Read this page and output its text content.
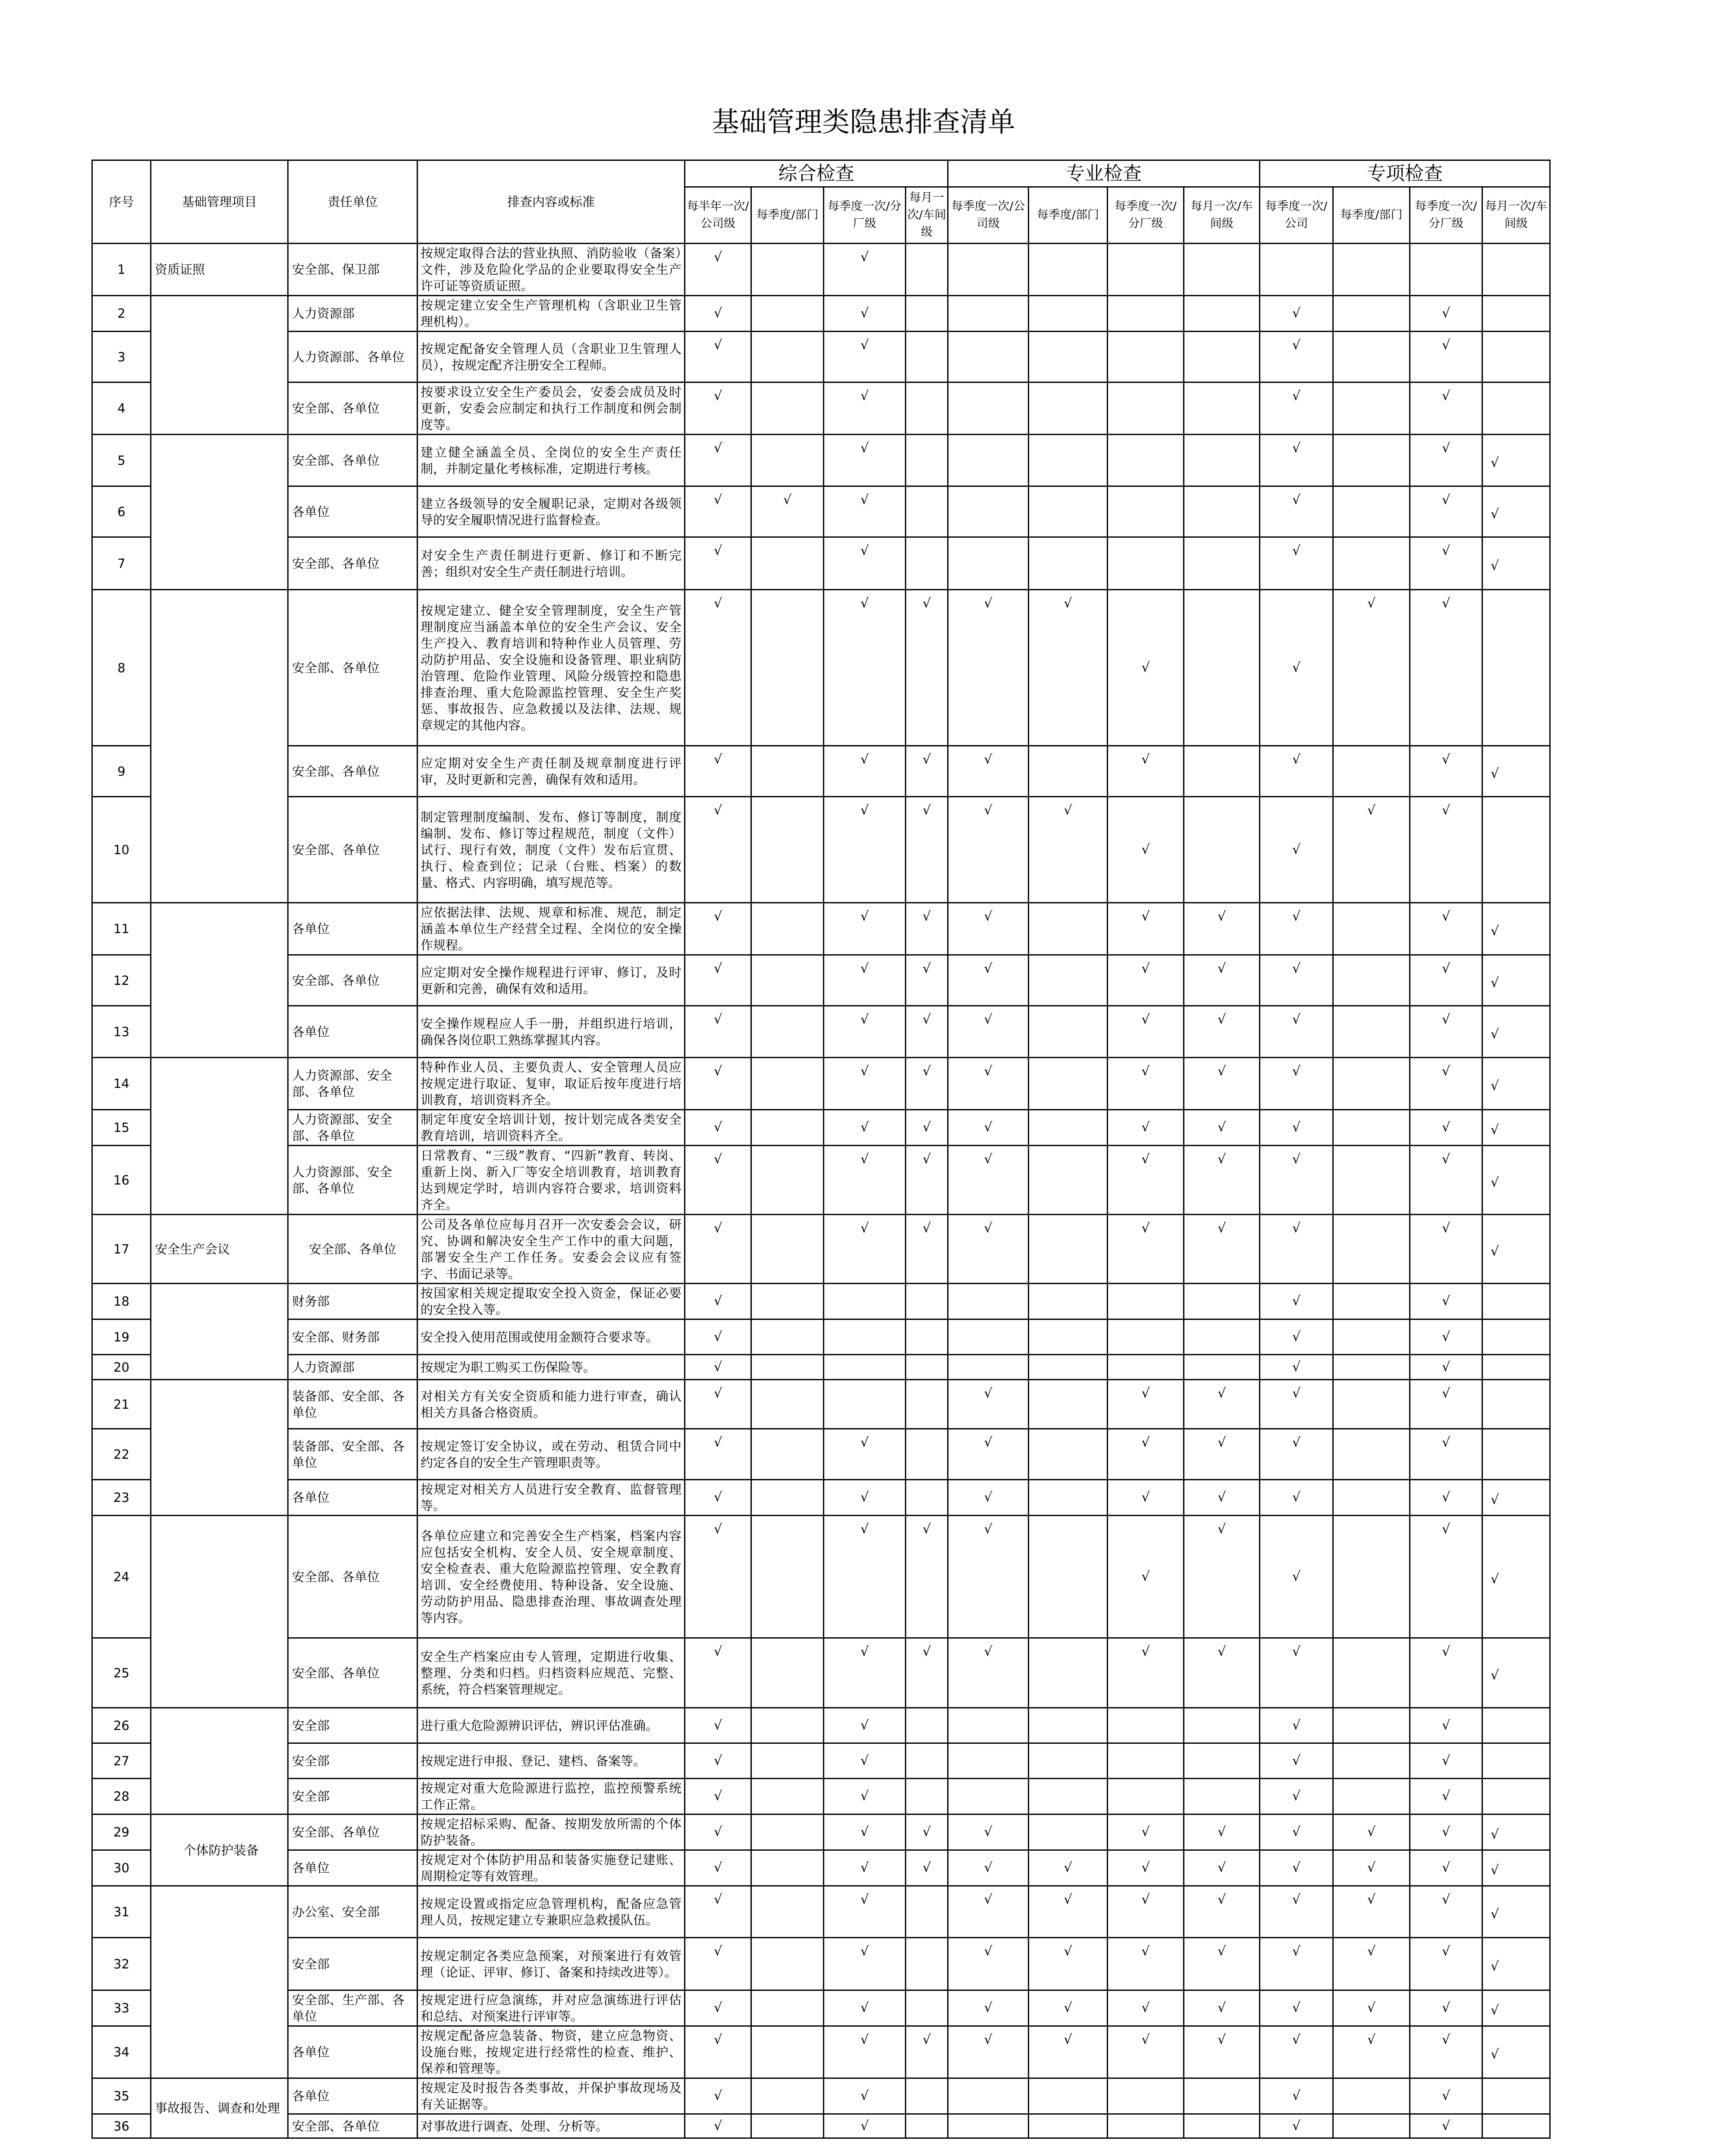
基础管理类隐患排查清单
序号	基础管理项目	责任单位	排查内容或标准	综合检查				专业检查				专项检查			
				每半年一次/公司级	每季度/部门	每季度一次/分厂级	每月一次/车间级	每季度一次/公司级	每季度/部门	每季度一次/分厂级	每月一次/车间级	每季度一次/公司	每季度/部门	每季度一次/分厂级	每月一次/车间级
1	资质证照	安全部、保卫部	按规定取得合法的营业执照、消防验收（备案）文件，涉及危险化学品的企业要取得安全生产许可证等资质证照。	√		√									

2		人力资源部	按规定建立安全生产管理机构（含职业卫生管理机构）。	√		√						√		√	

3		人力资源部、各单位	按规定配备安全管理人员（含职业卫生管理人员），按规定配齐注册安全工程师。	√		√						√		√	

4		安全部、各单位	按要求设立安全生产委员会，安委会成员及时更新，安委会应制定和执行工作制度和例会制度等。	√		√						√		√	

5		安全部、各单位	建立健全涵盖全员、全岗位的安全生产责任制，并制定量化考核标准，定期进行考核。	√		√						√		√	√

6		各单位	建立各级领导的安全履职记录，定期对各级领导的安全履职情况进行监督检查。	√	√	√						√		√	√

7		安全部、各单位	对安全生产责任制进行更新、修订和不断完善；组织对安全生产责任制进行培训。	√		√						√		√	√

8		安全部、各单位	按规定建立、健全安全管理制度，安全生产管理制度应当涵盖本单位的安全生产会议、安全生产投入、教育培训和特种作业人员管理、劳动防护用品、安全设施和设备管理、职业病防治管理、危险作业管理、风险分级管控和隐患排查治理、重大危险源监控管理、安全生产奖惩、事故报告、应急救援以及法律、法规、规章规定的其他内容。	√		√	√	√	√	√		√	√	√	

9		安全部、各单位	应定期对安全生产责任制及规章制度进行评审，及时更新和完善，确保有效和适用。	√		√	√	√		√		√		√	√

10		安全部、各单位	制定管理制度编制、发布、修订等制度，制度编制、发布、修订等过程规范，制度（文件）试行、现行有效，制度（文件）发布后宣贯、执行、检查到位；记录（台账、档案）的数量、格式、内容明确，填写规范等。	√		√	√	√	√	√		√	√	√	

11		各单位	应依据法律、法规、规章和标准、规范，制定涵盖本单位生产经营全过程、全岗位的安全操作规程。	√		√	√	√		√	√	√		√	√

12		安全部、各单位	应定期对安全操作规程进行评审、修订，及时更新和完善，确保有效和适用。	√		√	√	√		√	√	√		√	√

13		各单位	安全操作规程应人手一册，并组织进行培训，确保各岗位职工熟练掌握其内容。	√		√	√	√		√	√	√		√	√

14		人力资源部、安全部、各单位	特种作业人员、主要负责人、安全管理人员应按规定进行取证、复审，取证后按年度进行培训教育，培训资料齐全。	√		√	√	√		√	√	√		√	√

15		人力资源部、安全部、各单位	制定年度安全培训计划，按计划完成各类安全教育培训，培训资料齐全。	√		√	√	√		√	√	√		√	√

16		人力资源部、安全部、各单位	日常教育、“三级”教育、“四新”教育、转岗、重新上岗、新入厂等安全培训教育，培训教育达到规定学时，培训内容符合要求，培训资料齐全。	√		√	√	√		√	√	√		√	√

17	安全生产会议	安全部、各单位	公司及各单位应每月召开一次安委会会议，研究、协调和解决安全生产工作中的重大问题，部署安全生产工作任务。安委会会议应有签字、书面记录等。	√		√	√	√		√	√	√		√	√

18		财务部	按国家相关规定提取安全投入资金，保证必要的安全投入等。	√								√		√	

19		安全部、财务部	安全投入使用范围或使用金额符合要求等。	√								√		√	

20		人力资源部	按规定为职工购买工伤保险等。	√								√		√	

21		装备部、安全部、各单位	对相关方有关安全资质和能力进行审查，确认相关方具备合格资质。	√				√		√	√	√		√	

22		装备部、安全部、各单位	按规定签订安全协议，或在劳动、租赁合同中约定各自的安全生产管理职责等。	√		√		√		√	√	√		√	

23		各单位	按规定对相关方人员进行安全教育、监督管理等。	√		√		√		√	√	√		√	√

24		安全部、各单位	各单位应建立和完善安全生产档案，档案内容应包括安全机构、安全人员、安全规章制度、安全检查表、重大危险源监控管理、安全教育培训、安全经费使用、特种设备、安全设施、劳动防护用品、隐患排查治理、事故调查处理等内容。	√		√	√	√		√	√	√		√	√

25		安全部、各单位	安全生产档案应由专人管理，定期进行收集、整理、分类和归档。归档资料应规范、完整、系统，符合档案管理规定。	√		√	√	√		√	√	√		√	√

26		安全部	进行重大危险源辨识评估，辨识评估准确。	√		√						√		√	

27		安全部	按规定进行申报、登记、建档、备案等。	√		√						√		√	

28		安全部	按规定对重大危险源进行监控，监控预警系统工作正常。	√		√						√		√	

29	个体防护装备	安全部、各单位	按规定招标采购、配备、按期发放所需的个体防护装备。	√		√	√	√		√	√	√	√	√	√

30		各单位	按规定对个体防护用品和装备实施登记建账、周期检定等有效管理。	√		√	√	√	√	√	√	√	√	√	√

31		办公室、安全部	按规定设置或指定应急管理机构，配备应急管理人员，按规定建立专兼职应急救援队伍。	√		√		√	√	√	√	√	√	√	√

32		安全部	按规定制定各类应急预案，对预案进行有效管理（论证、评审、修订、备案和持续改进等）。	√		√		√	√	√	√	√	√	√	√

33		安全部、生产部、各单位	按规定进行应急演练，并对应急演练进行评估和总结、对预案进行评审等。	√		√		√	√	√	√	√	√	√	√

34		各单位	按规定配备应急装备、物资，建立应急物资、设施台账，按规定进行经常性的检查、维护、保养和管理等。	√		√	√	√	√	√	√	√	√	√	√

35	事故报告、调查和处理	各单位	按规定及时报告各类事故，并保护事故现场及有关证据等。	√		√						√		√	

36		安全部、各单位	对事故进行调查、处理、分析等。	√		√						√		√	
